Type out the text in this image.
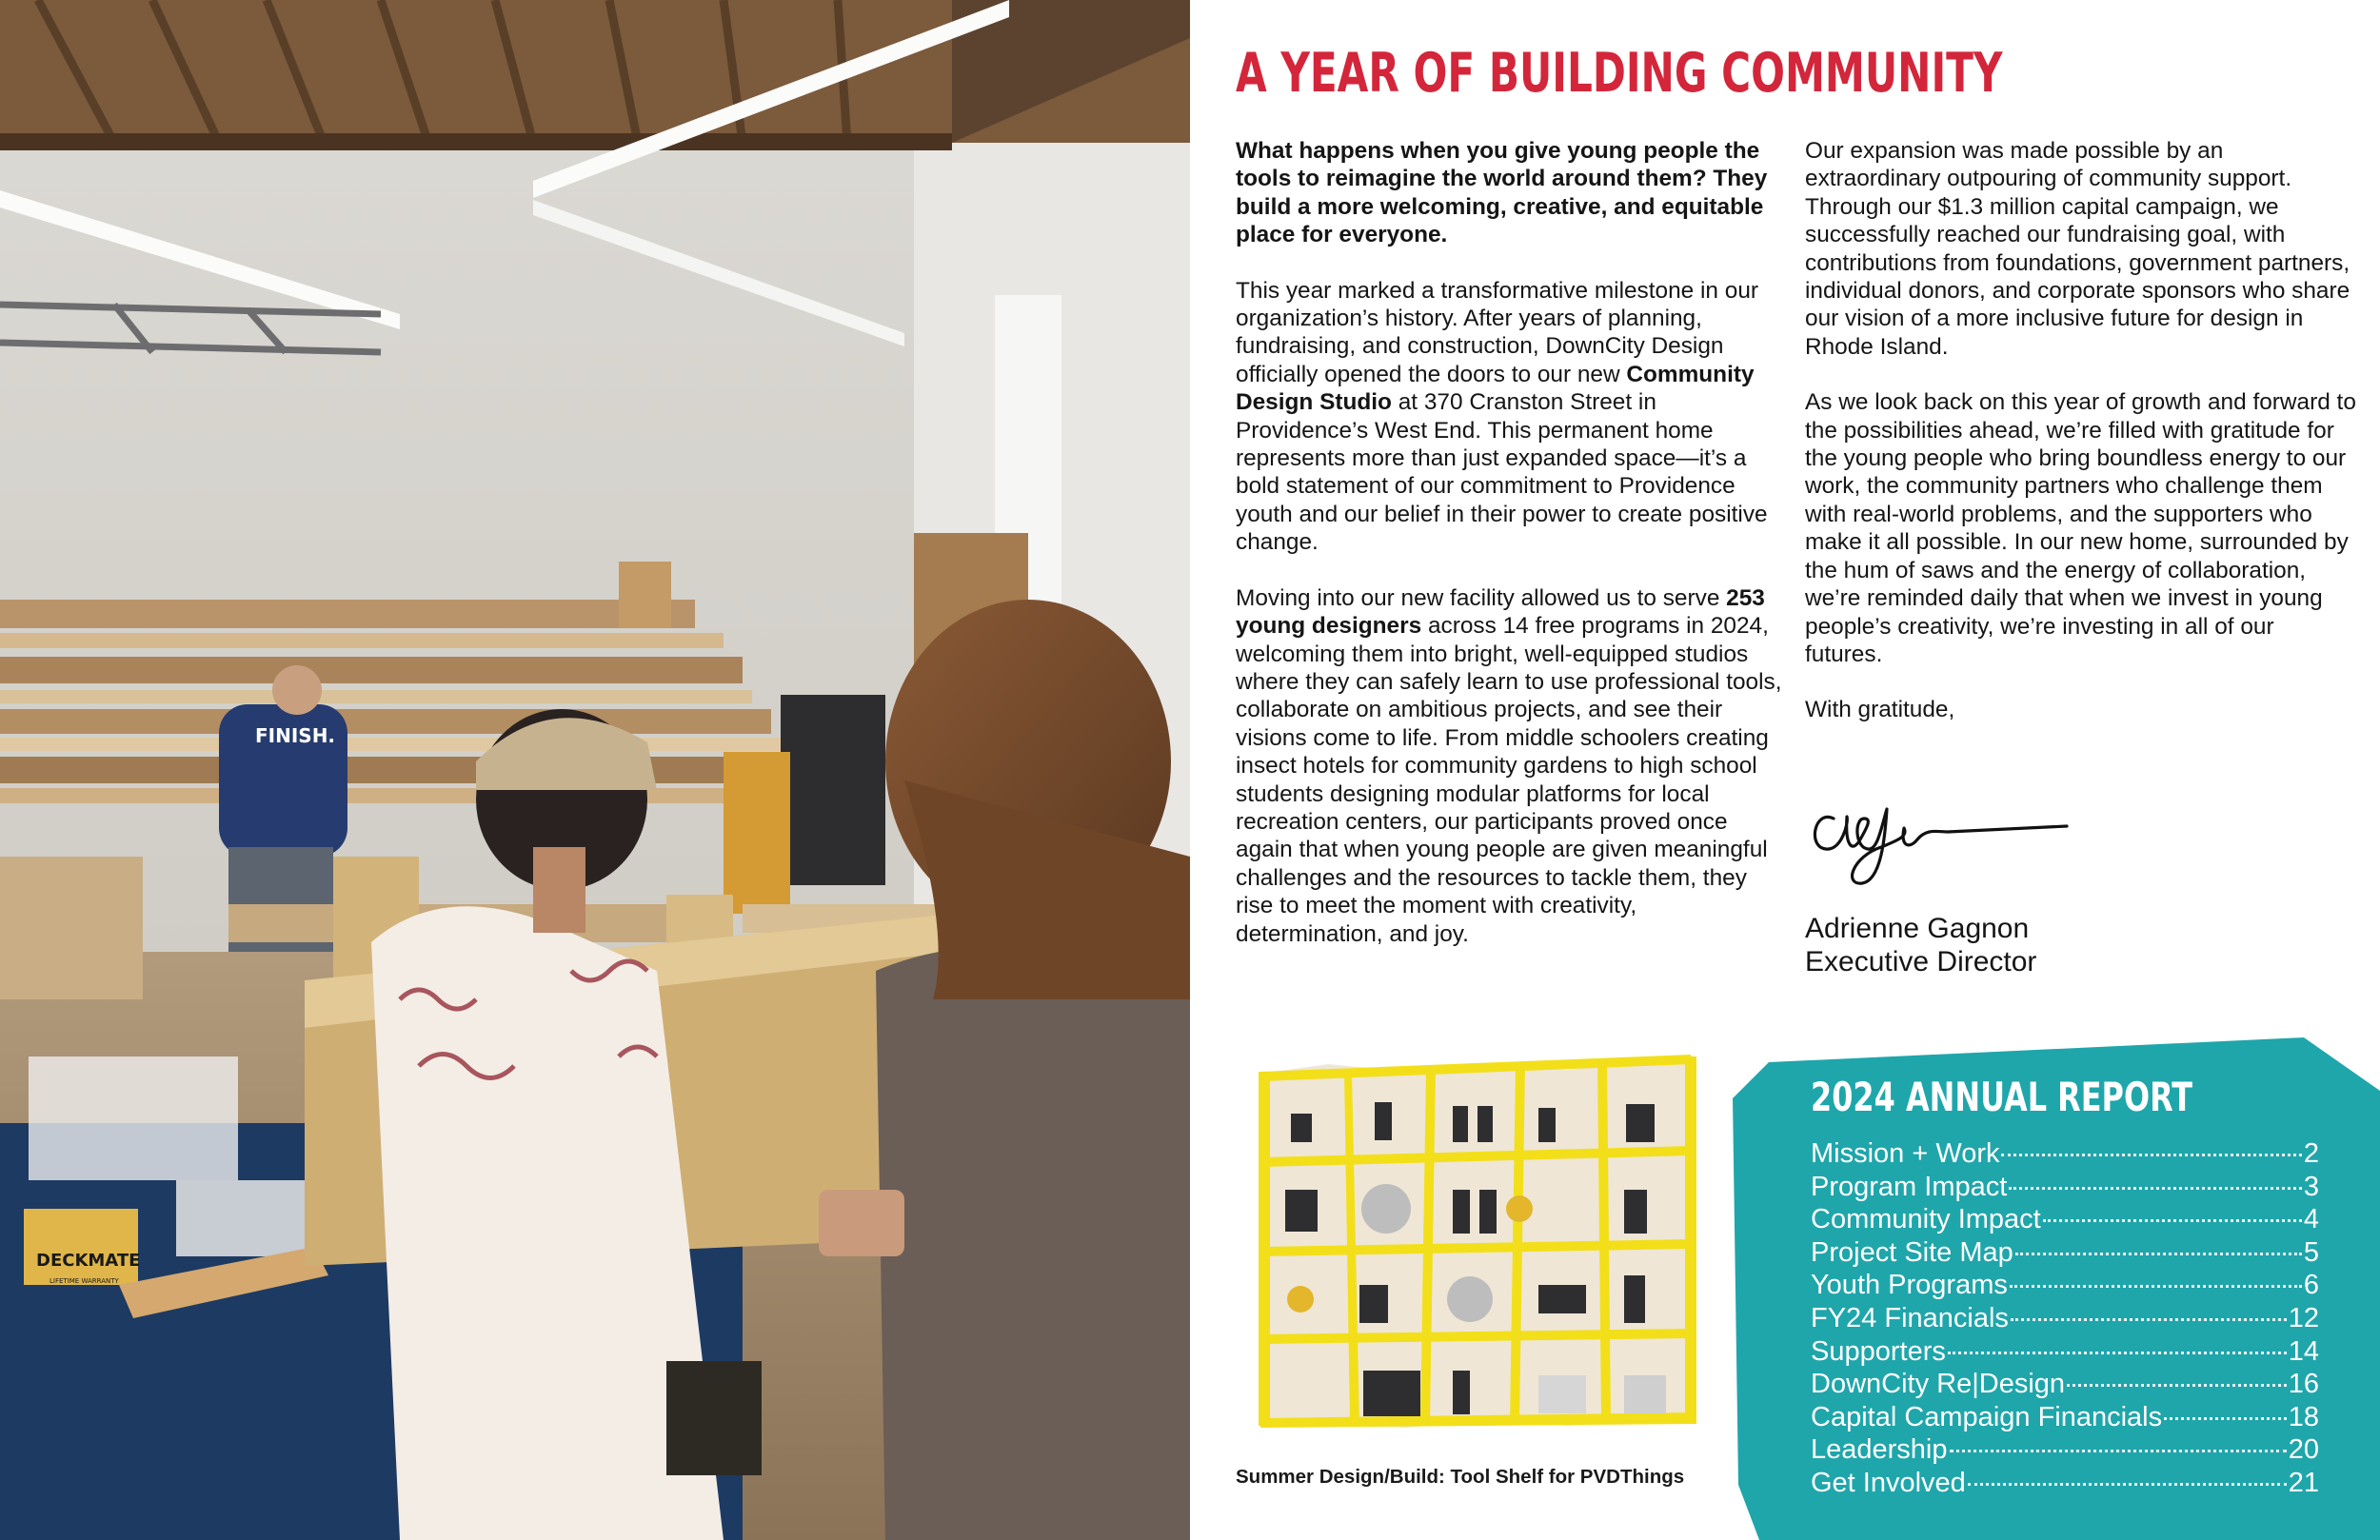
FINISH.
DECKMATE
LIFETIME WARRANTY
A YEAR OF BUILDING COMMUNITY

What happens when you give young people the tools to reimagine the world around them? They build a more welcoming, creative, and equitable place for everyone.

This year marked a transformative milestone in our organization’s history. After years of planning, fundraising, and construction, DownCity Design officially opened the doors to our new Community Design Studio at 370 Cranston Street in Providence’s West End. This permanent home represents more than just expanded space—it’s a bold statement of our commitment to Providence youth and our belief in their power to create positive change.

Moving into our new facility allowed us to serve 253 young designers across 14 free programs in 2024, welcoming them into bright, well-equipped studios where they can safely learn to use professional tools, collaborate on ambitious projects, and see their visions come to life. From middle schoolers creating insect hotels for community gardens to high school students designing modular platforms for local recreation centers, our participants proved once again that when young people are given meaningful challenges and the resources to tackle them, they rise to meet the moment with creativity, determination, and joy.

Our expansion was made possible by an extraordinary outpouring of community support. Through our $1.3 million capital campaign, we successfully reached our fundraising goal, with contributions from foundations, government partners, individual donors, and corporate sponsors who share our vision of a more inclusive future for design in Rhode Island.

As we look back on this year of growth and forward to the possibilities ahead, we’re filled with gratitude for the young people who bring boundless energy to our work, the community partners who challenge them with real-world problems, and the supporters who make it all possible. In our new home, surrounded by the hum of saws and the energy of collaboration, we’re reminded daily that when we invest in young people’s creativity, we’re investing in all of our futures.

With gratitude,

Adrienne Gagnon
Executive Director
Summer Design/Build: Tool Shelf for PVDThings
2024 ANNUAL REPORT
Mission + Work	2
Program Impact	3
Community Impact	4
Project Site Map	5
Youth Programs	6
FY24 Financials	12
Supporters	14
DownCity Re|Design	16
Capital Campaign Financials	18
Leadership	20
Get Involved	21
